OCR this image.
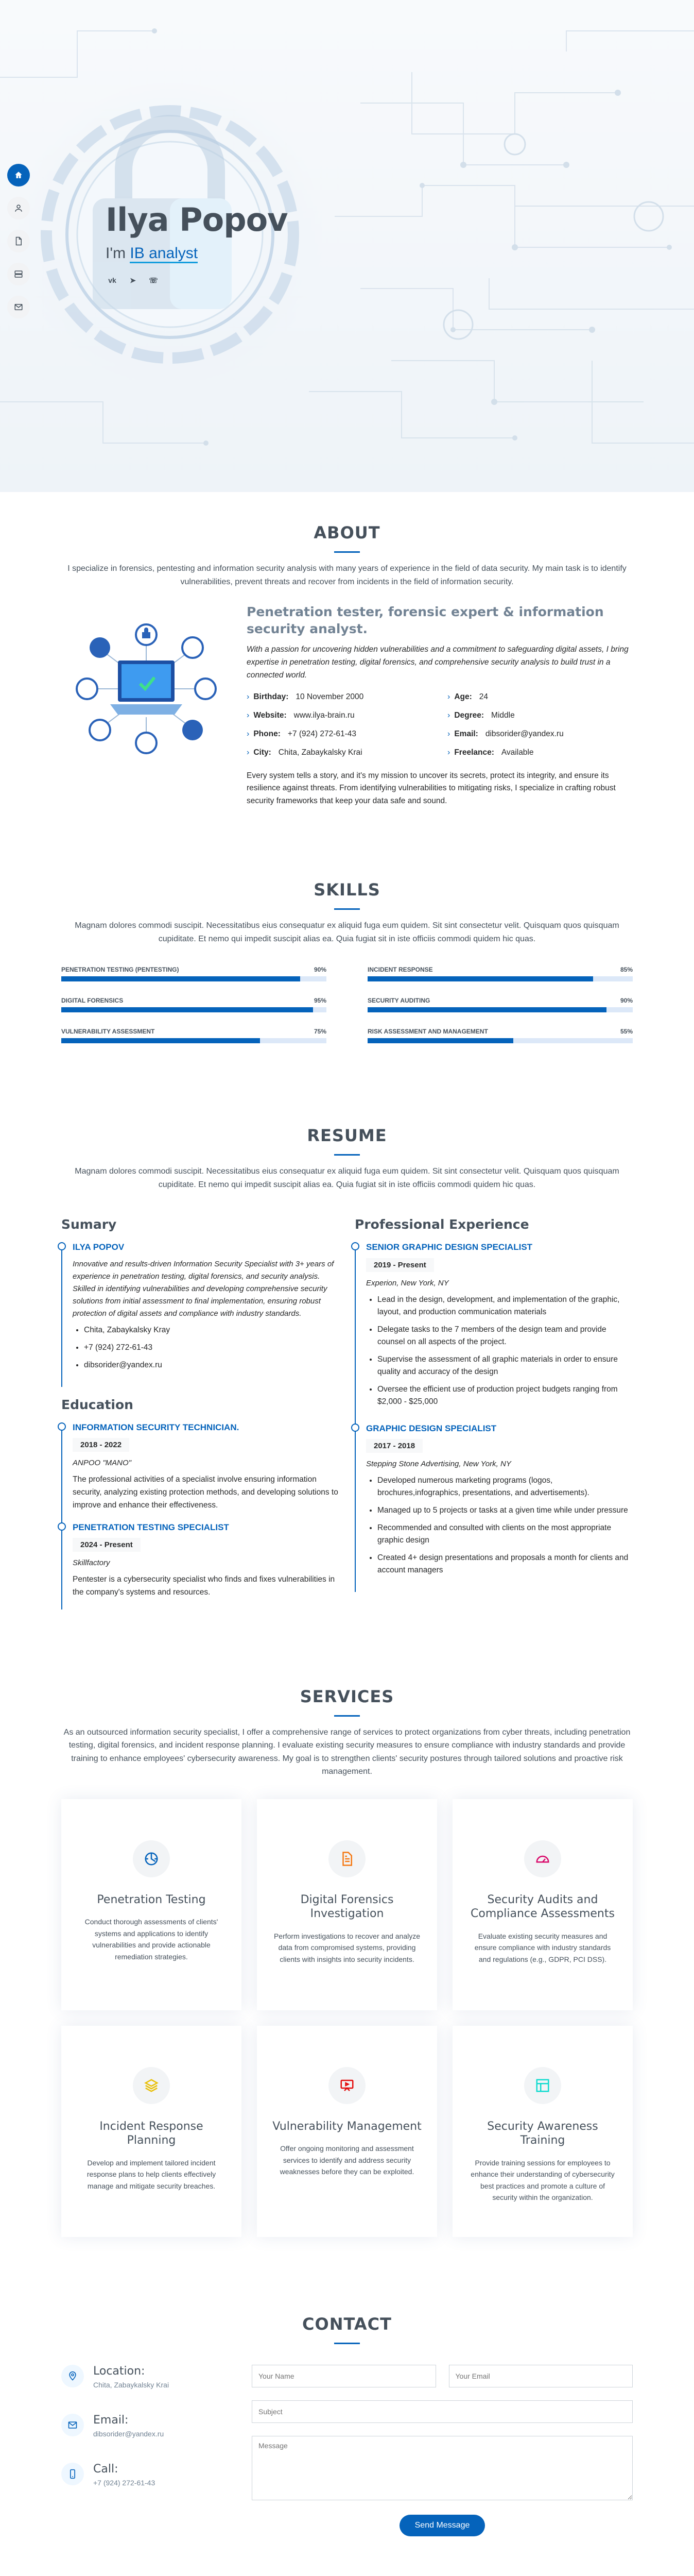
Ilya Popov

I'm IB analyst

vk ➤ ☏
ABOUT

I specialize in forensics, pentesting and information security analysis with many years of experience in the field of data security. My main task is to identify vulnerabilities, prevent threats and recover from incidents in the field of information security.

Penetration tester, forensic expert & information security analyst.

With a passion for uncovering hidden vulnerabilities and a commitment to safeguarding digital assets, I bring expertise in penetration testing, digital forensics, and comprehensive security analysis to build trust in a connected world.

› Birthday: 10 November 2000	› Age: 24
› Website: www.ilya-brain.ru	› Degree: Middle
› Phone: +7 (924) 272-61-43	› Email: dibsorider@yandex.ru
› City: Chita, Zabaykalsky Krai	› Freelance: Available

Every system tells a story, and it's my mission to uncover its secrets, protect its integrity, and ensure its resilience against threats. From identifying vulnerabilities to mitigating risks, I specialize in crafting robust security frameworks that keep your data safe and sound.

SKILLS

Magnam dolores commodi suscipit. Necessitatibus eius consequatur ex aliquid fuga eum quidem. Sit sint consectetur velit. Quisquam quos quisquam cupiditate. Et nemo qui impedit suscipit alias ea. Quia fugiat sit in iste officiis commodi quidem hic quas.

PENETRATION TESTING (PENTESTING)	90%	INCIDENT RESPONSE	85%
DIGITAL FORENSICS	95%	SECURITY AUDITING	90%
VULNERABILITY ASSESSMENT	75%	RISK ASSESSMENT AND MANAGEMENT	55%
RESUME

Magnam dolores commodi suscipit. Necessitatibus eius consequatur ex aliquid fuga eum quidem. Sit sint consectetur velit. Quisquam quos quisquam cupiditate. Et nemo qui impedit suscipit alias ea. Quia fugiat sit in iste officiis commodi quidem hic quas.

Sumary
ILYA POPOV

Innovative and results-driven Information Security Specialist with 3+ years of experience in penetration testing, digital forensics, and security analysis. Skilled in identifying vulnerabilities and developing comprehensive security solutions from initial assessment to final implementation, ensuring robust protection of digital assets and compliance with industry standards.

• Chita, Zabaykalsky Kray
• +7 (924) 272-61-43
• dibsorider@yandex.ru
Education
INFORMATION SECURITY TECHNICIAN.
2018 - 2022

ANPOO "MANO"

The professional activities of a specialist involve ensuring information security, analyzing existing protection methods, and developing solutions to improve and enhance their effectiveness.

PENETRATION TESTING SPECIALIST
2024 - Present

Skillfactory

Pentester is a cybersecurity specialist who finds and fixes vulnerabilities in the company's systems and resources.

Professional Experience
SENIOR GRAPHIC DESIGN SPECIALIST
2019 - Present

Experion, New York, NY

• Lead in the design, development, and implementation of the graphic, layout, and production communication materials
• Delegate tasks to the 7 members of the design team and provide counsel on all aspects of the project.
• Supervise the assessment of all graphic materials in order to ensure quality and accuracy of the design
• Oversee the efficient use of production project budgets ranging from $2,000 - $25,000
GRAPHIC DESIGN SPECIALIST
2017 - 2018

Stepping Stone Advertising, New York, NY

• Developed numerous marketing programs (logos, brochures,infographics, presentations, and advertisements).
• Managed up to 5 projects or tasks at a given time while under pressure
• Recommended and consulted with clients on the most appropriate graphic design
• Created 4+ design presentations and proposals a month for clients and account managers
SERVICES

As an outsourced information security specialist, I offer a comprehensive range of services to protect organizations from cyber threats, including penetration testing, digital forensics, and incident response planning. I evaluate existing security measures to ensure compliance with industry standards and provide training to enhance employees' cybersecurity awareness. My goal is to strengthen clients' security postures through tailored solutions and proactive risk management.

Penetration Testing

Conduct thorough assessments of clients' systems and applications to identify vulnerabilities and provide actionable remediation strategies.

Digital Forensics Investigation

Perform investigations to recover and analyze data from compromised systems, providing clients with insights into security incidents.

Security Audits and Compliance Assessments

Evaluate existing security measures and ensure compliance with industry standards and regulations (e.g., GDPR, PCI DSS).

Incident Response Planning

Develop and implement tailored incident response plans to help clients effectively manage and mitigate security breaches.

Vulnerability Management

Offer ongoing monitoring and assessment services to identify and address security weaknesses before they can be exploited.

Security Awareness Training

Provide training sessions for employees to enhance their understanding of cybersecurity best practices and promote a culture of security within the organization.

CONTACT
Location:

Chita, Zabaykalsky Krai

Email:

dibsorider@yandex.ru

Call:

+7 (924) 272-61-43

Your Name
Your Email
Subject
Message
Send Message
